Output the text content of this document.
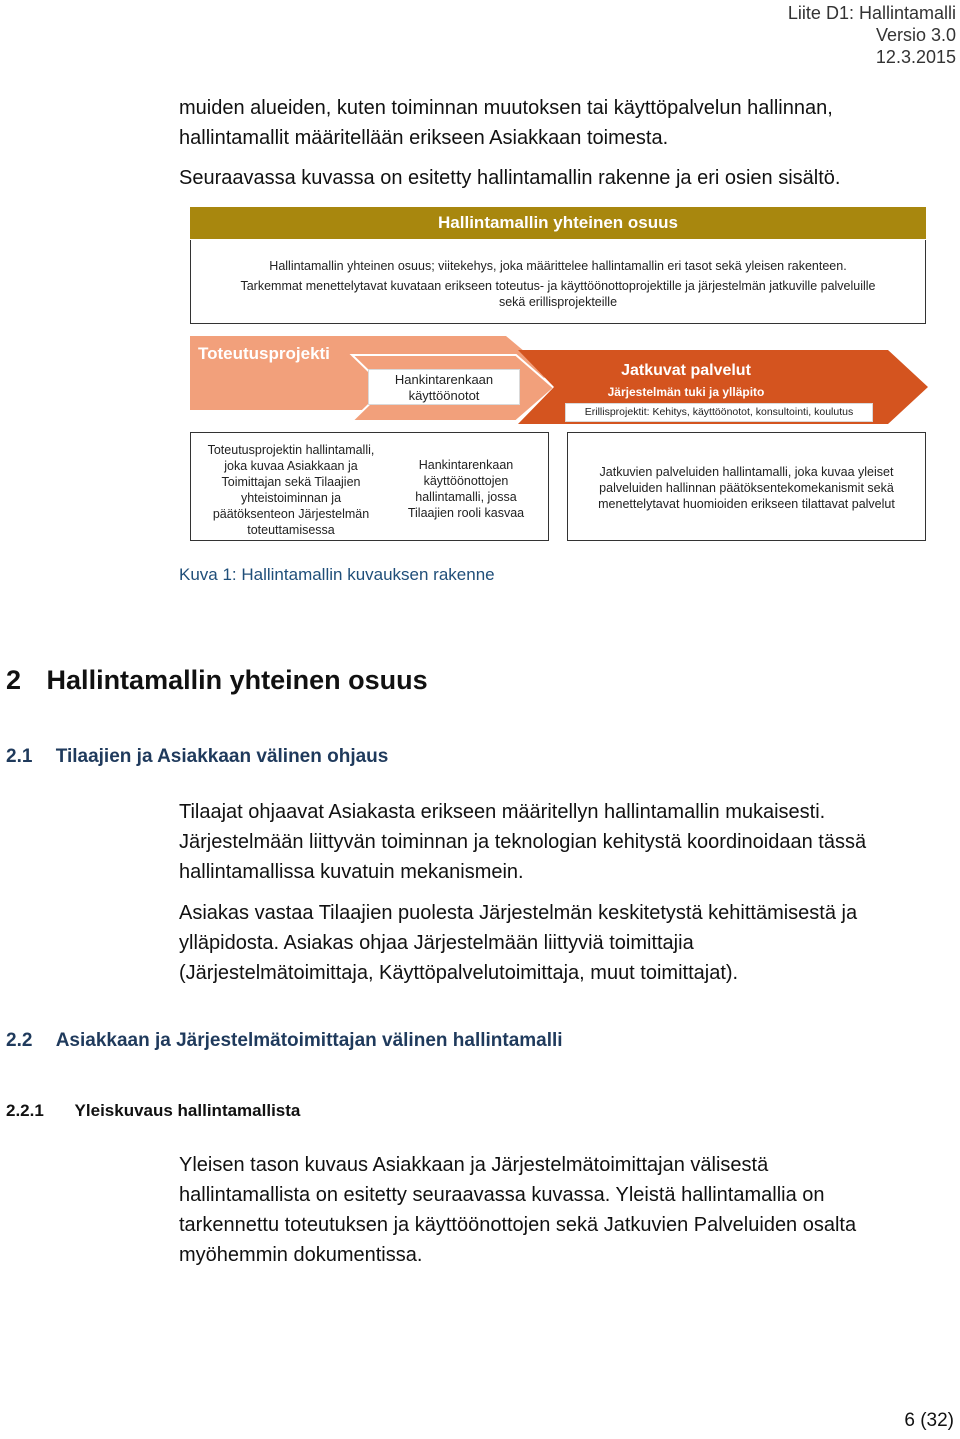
Liite D1: Hallintamalli
Versio 3.0
12.3.2015
muiden alueiden, kuten toiminnan muutoksen tai käyttöpalvelun hallinnan,
hallintamallit määritellään erikseen Asiakkaan toimesta.
Seuraavassa kuvassa on esitetty hallintamallin rakenne ja eri osien sisältö.
Hallintamallin yhteinen osuus
Hallintamallin yhteinen osuus; viitekehys, joka määrittelee hallintamallin eri tasot sekä yleisen rakenteen.
Tarkemmat menettelytavat kuvataan erikseen toteutus- ja käyttöönottoprojektille ja järjestelmän jatkuville palveluille
sekä erillisprojekteille
Toteutusprojekti
Hankintarenkaan
käyttöönotot
Jatkuvat palvelut
Järjestelmän tuki ja ylläpito
Erillisprojektit: Kehitys, käyttöönotot, konsultointi, koulutus
Toteutusprojektin hallintamalli,
joka kuvaa Asiakkaan ja
Toimittajan sekä Tilaajien
yhteistoiminnan ja
päätöksenteon Järjestelmän
toteuttamisessa
Hankintarenkaan
käyttöönottojen
hallintamalli, jossa
Tilaajien rooli kasvaa
Jatkuvien palveluiden hallintamalli, joka kuvaa yleiset
palveluiden hallinnan päätöksentekomekanismit sekä
menettelytavat huomioiden erikseen tilattavat palvelut
Kuva 1: Hallintamallin kuvauksen rakenne
2 Hallintamallin yhteinen osuus
2.1 Tilaajien ja Asiakkaan välinen ohjaus
Tilaajat ohjaavat Asiakasta erikseen määritellyn hallintamallin mukaisesti.
Järjestelmään liittyvän toiminnan ja teknologian kehitystä koordinoidaan tässä
hallintamallissa kuvatuin mekanismein.
Asiakas vastaa Tilaajien puolesta Järjestelmän keskitetystä kehittämisestä ja
ylläpidosta. Asiakas ohjaa Järjestelmään liittyviä toimittajia
(Järjestelmätoimittaja, Käyttöpalvelutoimittaja, muut toimittajat).
2.2 Asiakkaan ja Järjestelmätoimittajan välinen hallintamalli
2.2.1 Yleiskuvaus hallintamallista
Yleisen tason kuvaus Asiakkaan ja Järjestelmätoimittajan välisestä
hallintamallista on esitetty seuraavassa kuvassa. Yleistä hallintamallia on
tarkennettu toteutuksen ja käyttöönottojen sekä Jatkuvien Palveluiden osalta
myöhemmin dokumentissa.
6 (32)
